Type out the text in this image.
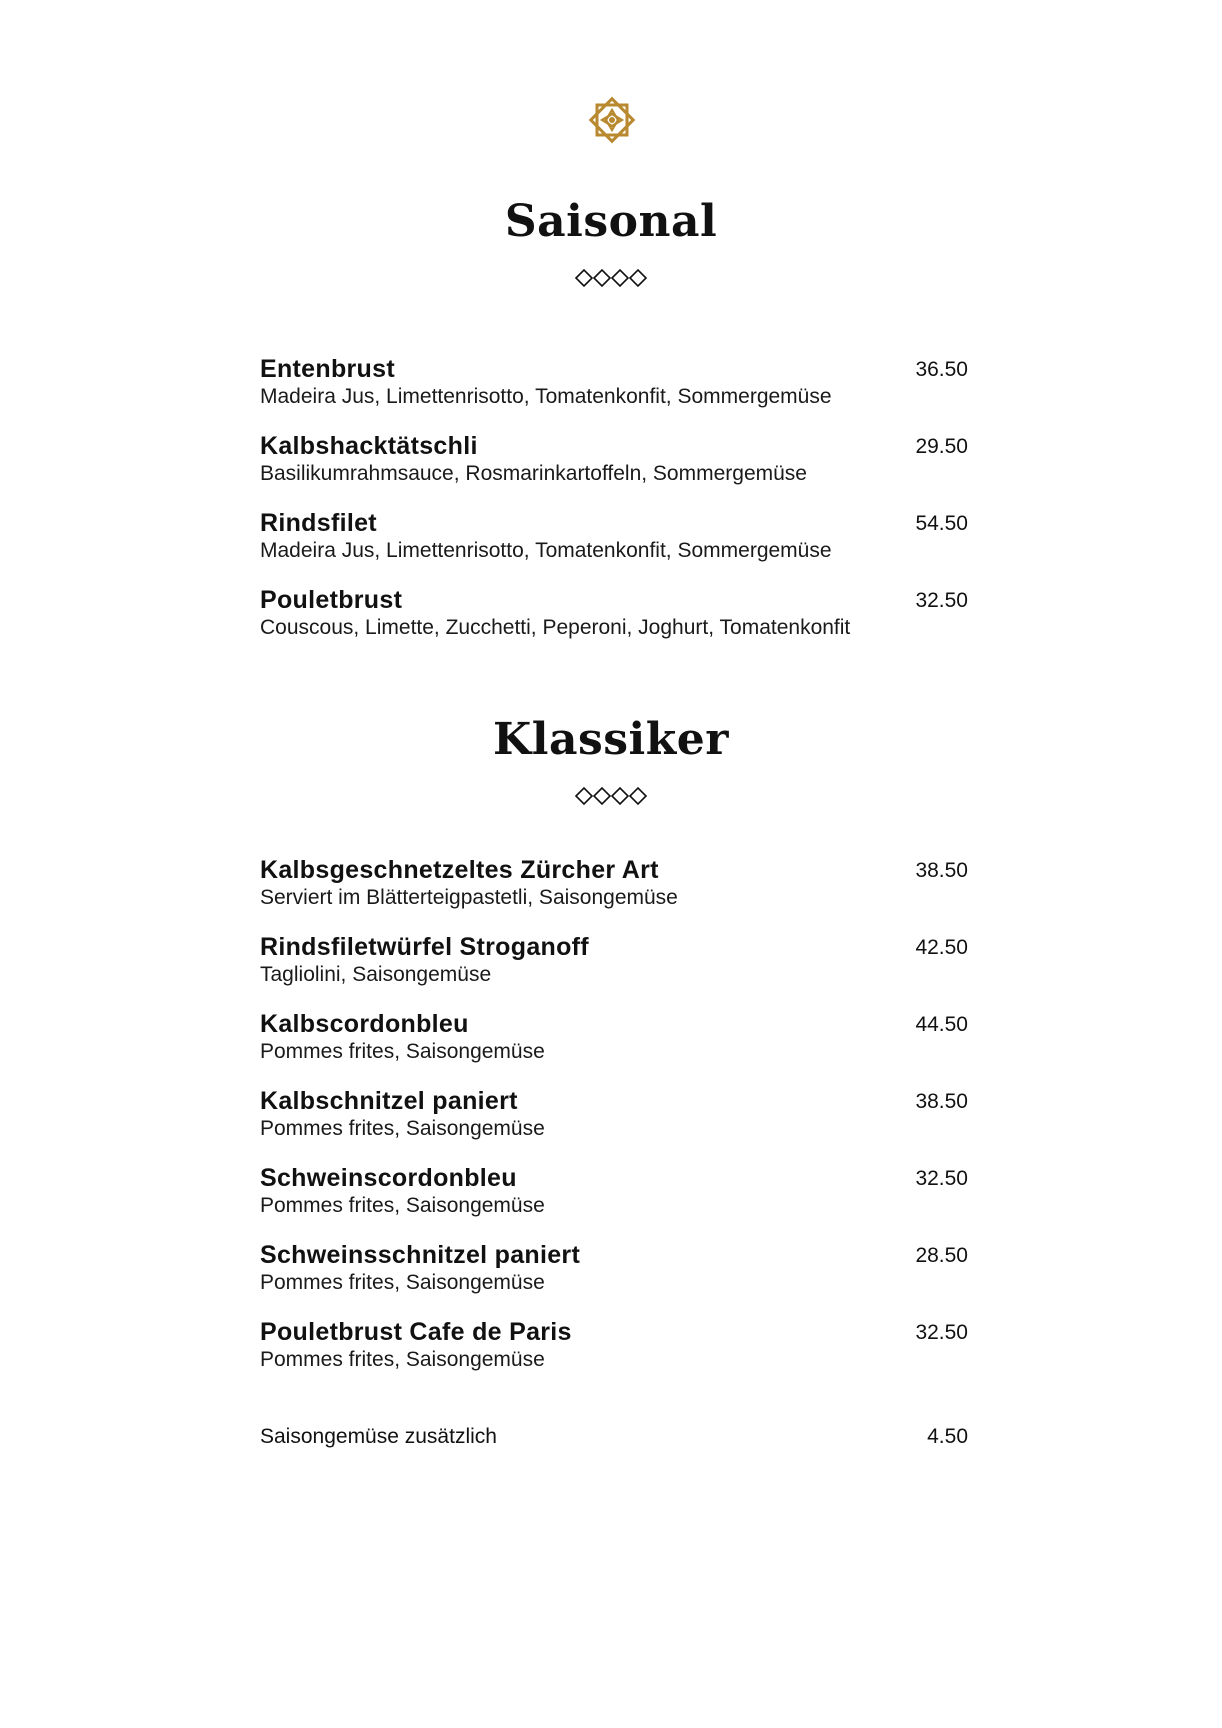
Saisonal
Entenbrust
Madeira Jus, Limettenrisotto, Tomatenkonfit, Sommergemüse
36.50
Kalbshacktätschli
Basilikumrahmsauce, Rosmarinkartoffeln, Sommergemüse
29.50
Rindsfilet
Madeira Jus, Limettenrisotto, Tomatenkonfit, Sommergemüse
54.50
Pouletbrust
Couscous, Limette, Zucchetti, Peperoni, Joghurt, Tomatenkonfit
32.50
Klassiker
Kalbsgeschnetzeltes Zürcher Art
Serviert im Blätterteigpastetli, Saisongemüse
38.50
Rindsfiletwürfel Stroganoff
Tagliolini, Saisongemüse
42.50
Kalbscordonbleu
Pommes frites, Saisongemüse
44.50
Kalbschnitzel paniert
Pommes frites, Saisongemüse
38.50
Schweinscordonbleu
Pommes frites, Saisongemüse
32.50
Schweinsschnitzel paniert
Pommes frites, Saisongemüse
28.50
Pouletbrust Cafe de Paris
Pommes frites, Saisongemüse
32.50
Saisongemüse zusätzlich	4.50
